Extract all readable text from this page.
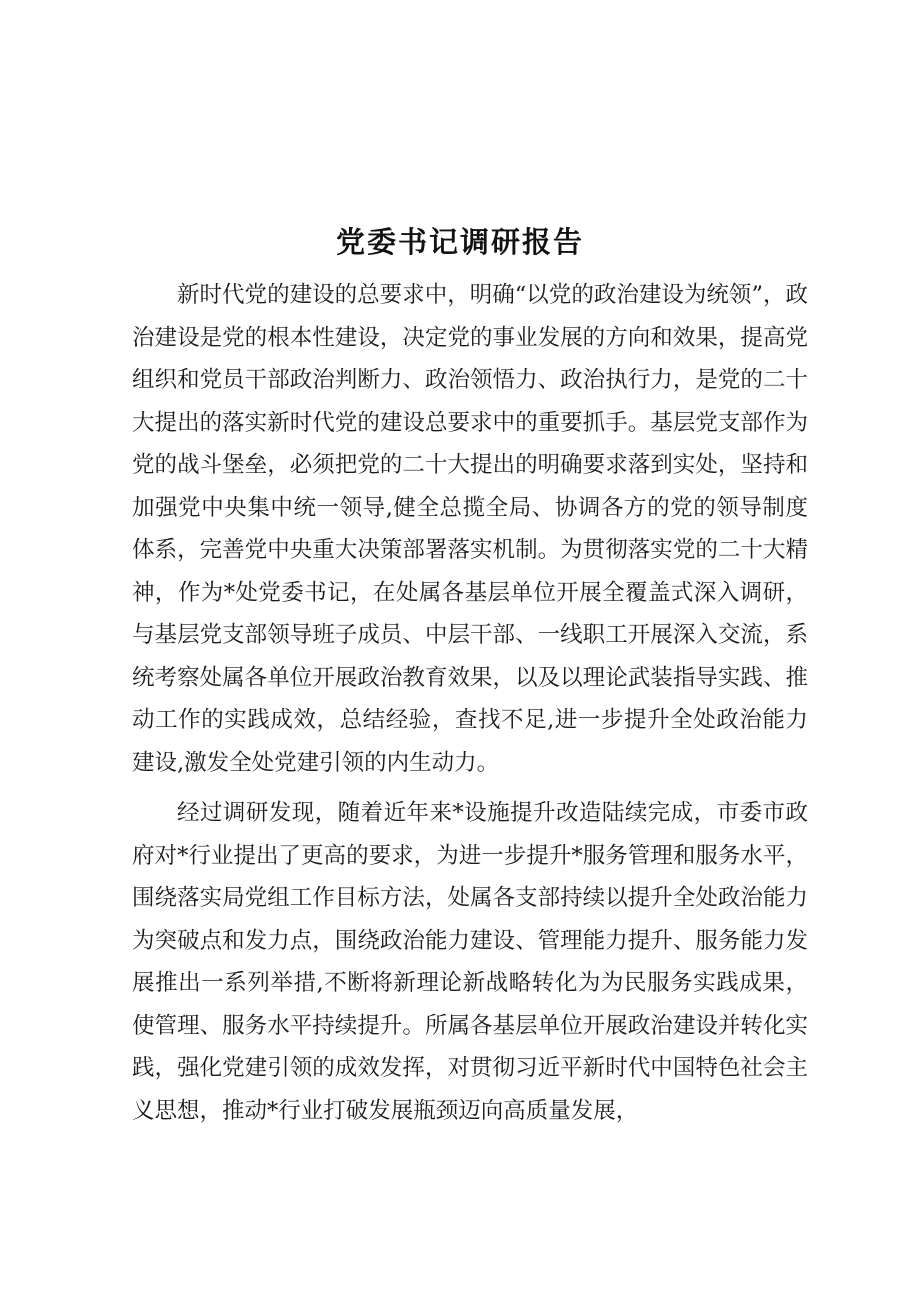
党委书记调研报告

新时代党的建设的总要求中，明确“以党的政治建设为统领”，政治建设是党的根本性建设，决定党的事业发展的方向和效果，提高党组织和党员干部政治判断力、政治领悟力、政治执行力，是党的二十大提出的落实新时代党的建设总要求中的重要抓手。基层党支部作为党的战斗堡垒，必须把党的二十大提出的明确要求落到实处，坚持和加强党中央集中统一领导,健全总揽全局、协调各方的党的领导制度体系，完善党中央重大决策部署落实机制。为贯彻落实党的二十大精神，作为*处党委书记，在处属各基层单位开展全覆盖式深入调研，与基层党支部领导班子成员、中层干部、一线职工开展深入交流，系统考察处属各单位开展政治教育效果，以及以理论武装指导实践、推动工作的实践成效，总结经验，查找不足,进一步提升全处政治能力建设,激发全处党建引领的内生动力。

经过调研发现，随着近年来*设施提升改造陆续完成，市委市政府对*行业提出了更高的要求，为进一步提升*服务管理和服务水平，围绕落实局党组工作目标方法，处属各支部持续以提升全处政治能力为突破点和发力点，围绕政治能力建设、管理能力提升、服务能力发展推出一系列举措,不断将新理论新战略转化为为民服务实践成果，使管理、服务水平持续提升。所属各基层单位开展政治建设并转化实践，强化党建引领的成效发挥，对贯彻习近平新时代中国特色社会主义思想，推动*行业打破发展瓶颈迈向高质量发展，
